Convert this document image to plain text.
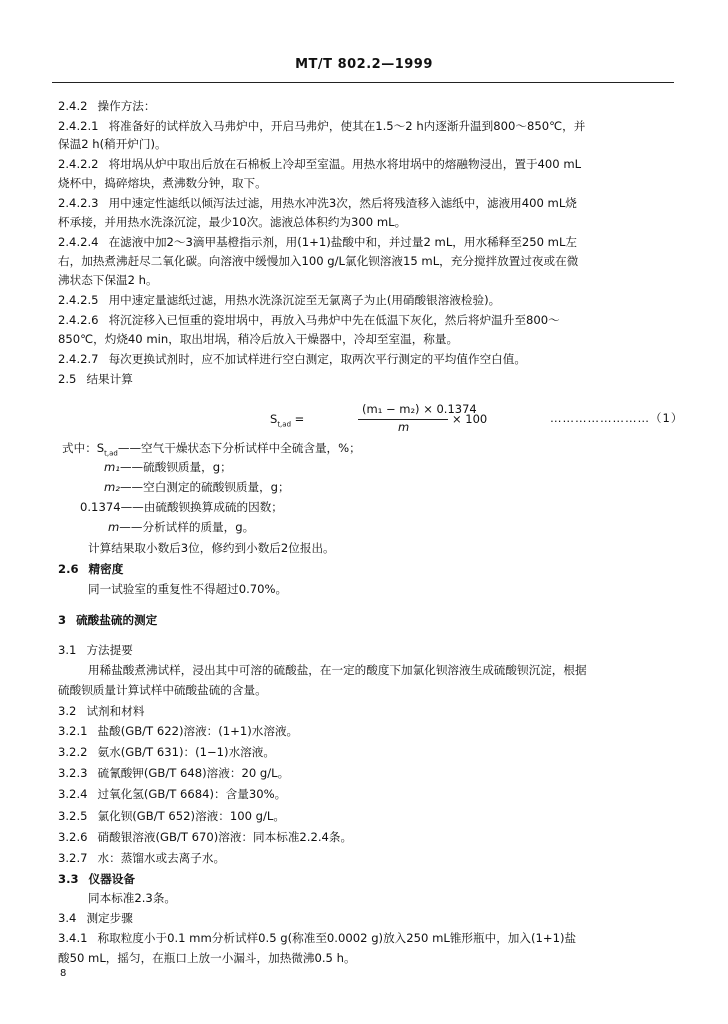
MT/T 802.2—1999
2.4.2 操作方法：
2.4.2.1 将准备好的试样放入马弗炉中，开启马弗炉，使其在1.5～2 h内逐渐升温到800～850℃，并
保温2 h(稍开炉门)。
2.4.2.2 将坩埚从炉中取出后放在石棉板上冷却至室温。用热水将坩埚中的熔融物浸出，置于400 mL
烧杯中，捣碎熔块，煮沸数分钟，取下。
2.4.2.3 用中速定性滤纸以倾泻法过滤，用热水冲洗3次，然后将残渣移入滤纸中，滤液用400 mL烧
杯承接，并用热水洗涤沉淀，最少10次。滤液总体积约为300 mL。
2.4.2.4 在滤液中加2～3滴甲基橙指示剂，用(1+1)盐酸中和，并过量2 mL，用水稀释至250 mL左
右，加热煮沸赶尽二氧化碳。向溶液中缓慢加入100 g/L氯化钡溶液15 mL，充分搅拌放置过夜或在微
沸状态下保温2 h。
2.4.2.5 用中速定量滤纸过滤，用热水洗涤沉淀至无氯离子为止(用硝酸银溶液检验)。
2.4.2.6 将沉淀移入已恒重的瓷坩埚中，再放入马弗炉中先在低温下灰化，然后将炉温升至800～
850℃，灼烧40 min，取出坩埚，稍冷后放入干燥器中，冷却至室温，称量。
2.4.2.7 每次更换试剂时，应不加试样进行空白测定，取两次平行测定的平均值作空白值。
2.5 结果计算
$S_{t,ad}$ =
(m₁ − m₂) × 0.1374
m
× 100	……………………（1）
式中：$S_{t,ad}——$空气干燥状态下分析试样中全硫含量，%；
m₁——硫酸钡质量，g；
m₂——空白测定的硫酸钡质量，g；
0.1374——由硫酸钡换算成硫的因数；
m——分析试样的质量，g。
计算结果取小数后3位，修约到小数后2位报出。
2.6 精密度
同一试验室的重复性不得超过0.70%。
3 硫酸盐硫的测定
3.1 方法提要
用稀盐酸煮沸试样，浸出其中可溶的硫酸盐，在一定的酸度下加氯化钡溶液生成硫酸钡沉淀，根据
硫酸钡质量计算试样中硫酸盐硫的含量。
3.2 试剂和材料
3.2.1 盐酸(GB/T 622)溶液：(1+1)水溶液。
3.2.2 氨水(GB/T 631)：(1−1)水溶液。
3.2.3 硫氰酸钾(GB/T 648)溶液：20 g/L。
3.2.4 过氧化氢(GB/T 6684)：含量30%。
3.2.5 氯化钡(GB/T 652)溶液：100 g/L。
3.2.6 硝酸银溶液(GB/T 670)溶液：同本标准2.2.4条。
3.2.7 水：蒸馏水或去离子水。
3.3 仪器设备
同本标准2.3条。
3.4 测定步骤
3.4.1 称取粒度小于0.1 mm分析试样0.5 g(称准至0.0002 g)放入250 mL锥形瓶中，加入(1+1)盐
酸50 mL，摇匀，在瓶口上放一小漏斗，加热微沸0.5 h。
8
